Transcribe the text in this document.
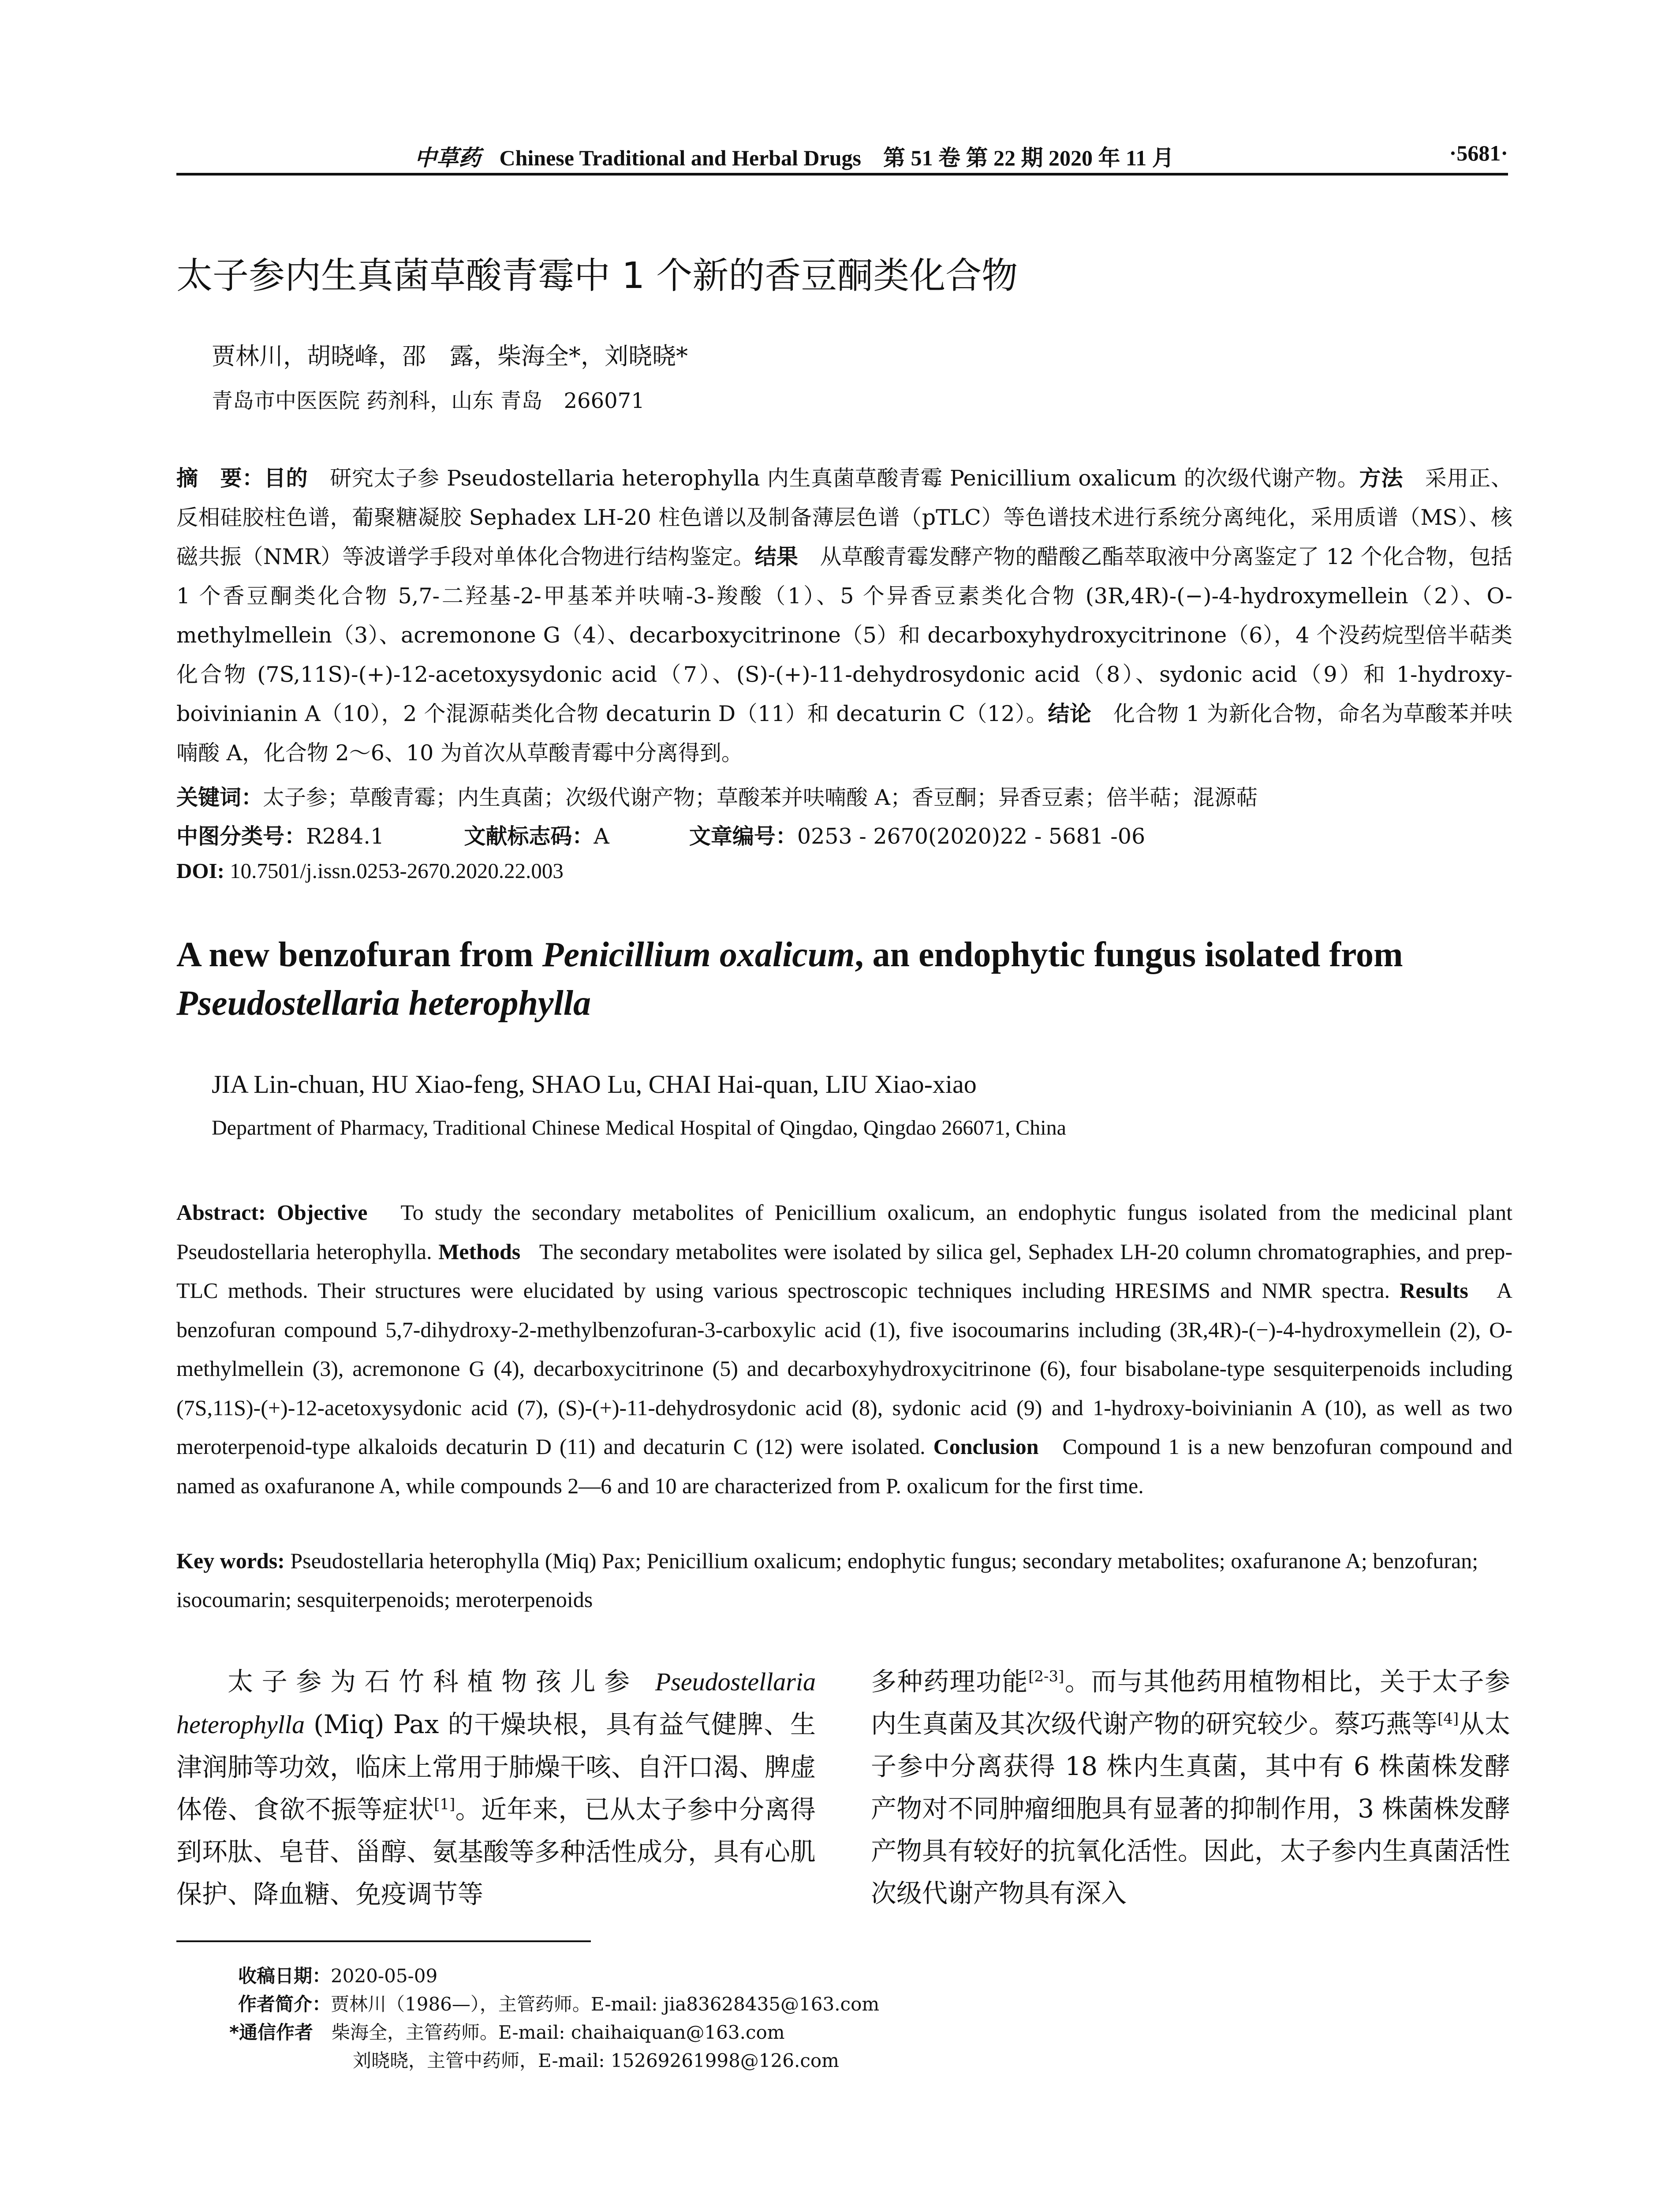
中草药 Chinese Traditional and Herbal Drugs　第 51 卷 第 22 期 2020 年 11 月	·5681·
太子参内生真菌草酸青霉中 1 个新的香豆酮类化合物
贾林川，胡晓峰，邵　露，柴海全*，刘晓晓*
青岛市中医医院 药剂科，山东 青岛　266071
摘　要：目的　 研究太子参 Pseudostellaria heterophylla 内生真菌草酸青霉 Penicillium oxalicum 的次级代谢产物。方法　 采用正、反相硅胶柱色谱，葡聚糖凝胶 Sephadex LH-20 柱色谱以及制备薄层色谱（pTLC）等色谱技术进行系统分离纯化，采用质谱（MS）、核磁共振（NMR）等波谱学手段对单体化合物进行结构鉴定。结果　 从草酸青霉发酵产物的醋酸乙酯萃取液中分离鉴定了 12 个化合物，包括 1 个香豆酮类化合物 5,7-二羟基-2-甲基苯并呋喃-3-羧酸（1）、5 个异香豆素类化合物 (3R,4R)-(−)-4-hydroxymellein（2）、O-methylmellein（3）、acremonone G（4）、decarboxycitrinone（5）和 decarboxyhydroxycitrinone（6），4 个没药烷型倍半萜类化合物 (7S,11S)-(+)-12-acetoxysydonic acid（7）、(S)-(+)-11-dehydrosydonic acid（8）、sydonic acid（9）和 1-hydroxy-boivinianin A（10），2 个混源萜类化合物 decaturin D（11）和 decaturin C（12）。结论　 化合物 1 为新化合物，命名为草酸苯并呋喃酸 A，化合物 2～6、10 为首次从草酸青霉中分离得到。
关键词：太子参；草酸青霉；内生真菌；次级代谢产物；草酸苯并呋喃酸 A；香豆酮；异香豆素；倍半萜；混源萜
中图分类号：R284.1	文献标志码：A	文章编号：0253 - 2670(2020)22 - 5681 -06
DOI: 10.7501/j.issn.0253-2670.2020.22.003
A new benzofuran from Penicillium oxalicum, an endophytic fungus isolated from Pseudostellaria heterophylla
JIA Lin-chuan, HU Xiao-feng, SHAO Lu, CHAI Hai-quan, LIU Xiao-xiao
Department of Pharmacy, Traditional Chinese Medical Hospital of Qingdao, Qingdao 266071, China
Abstract: Objective To study the secondary metabolites of Penicillium oxalicum, an endophytic fungus isolated from the medicinal plant Pseudostellaria heterophylla. Methods The secondary metabolites were isolated by silica gel, Sephadex LH-20 column chromatographies, and prep-TLC methods. Their structures were elucidated by using various spectroscopic techniques including HRESIMS and NMR spectra. Results A benzofuran compound 5,7-dihydroxy-2-methylbenzofuran-3-carboxylic acid (1), five isocoumarins including (3R,4R)-(−)-4-hydroxymellein (2), O-methylmellein (3), acremonone G (4), decarboxycitrinone (5) and decarboxyhydroxycitrinone (6), four bisabolane-type sesquiterpenoids including (7S,11S)-(+)-12-acetoxysydonic acid (7), (S)-(+)-11-dehydrosydonic acid (8), sydonic acid (9) and 1-hydroxy-boivinianin A (10), as well as two meroterpenoid-type alkaloids decaturin D (11) and decaturin C (12) were isolated. Conclusion Compound 1 is a new benzofuran compound and named as oxafuranone A, while compounds 2—6 and 10 are characterized from P. oxalicum for the first time.
Key words: Pseudostellaria heterophylla (Miq) Pax; Penicillium oxalicum; endophytic fungus; secondary metabolites; oxafuranone A; benzofuran; isocoumarin; sesquiterpenoids; meroterpenoids
太子参为石竹科植物孩儿参 Pseudostellaria heterophylla (Miq) Pax 的干燥块根，具有益气健脾、生津润肺等功效，临床上常用于肺燥干咳、自汗口渴、脾虚体倦、食欲不振等症状[1]。近年来，已从太子参中分离得到环肽、皂苷、甾醇、氨基酸等多种活性成分，具有心肌保护、降血糖、免疫调节等
多种药理功能[2-3]。而与其他药用植物相比，关于太子参内生真菌及其次级代谢产物的研究较少。蔡巧燕等[4]从太子参中分离获得 18 株内生真菌，其中有 6 株菌株发酵产物对不同肿瘤细胞具有显著的抑制作用，3 株菌株发酵产物具有较好的抗氧化活性。因此，太子参内生真菌活性次级代谢产物具有深入
收稿日期：2020-05-09
作者简介：贾林川（1986—），主管药师。E-mail: jia83628435@163.com
*通信作者　 柴海全，主管药师。E-mail: chaihaiquan@163.com
刘晓晓，主管中药师，E-mail: 15269261998@126.com
